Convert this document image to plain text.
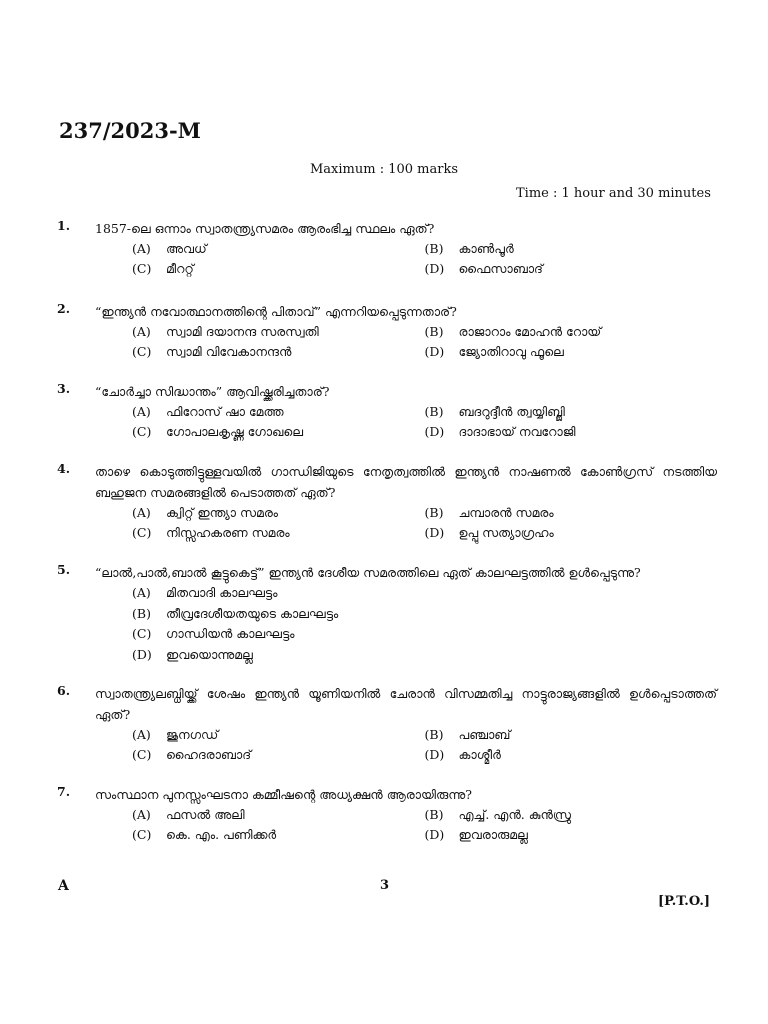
237/2023-M
Maximum : 100 marks
Time : 1 hour and 30 minutes
1. 1857-ലെ ഒന്നാം സ്വാതന്ത്ര്യസമരം ആരംഭിച്ച സ്ഥലം ഏത്?
(A)	അവധ്	(B)	കാൺപൂർ
(C)	മീററ്റ്	(D)	ഫൈസാബാദ്
2. “ഇന്ത്യൻ നവോത്ഥാനത്തിന്റെ പിതാവ്” എന്നറിയപ്പെടുന്നതാര്?
(A)	സ്വാമി ദയാനന്ദ സരസ്വതി	(B)	രാജാറാം മോഹൻ റോയ്
(C)	സ്വാമി വിവേകാനന്ദൻ	(D)	ജ്യോതിറാവു ഫൂലെ
3. “ചോർച്ചാ സിദ്ധാന്തം” ആവിഷ്ക്കരിച്ചതാര്?
(A)	ഫിറോസ് ഷാ മേത്ത	(B)	ബദറുദ്ദീൻ ത്വയ്യിബ്ജി
(C)	ഗോപാലകൃഷ്ണ ഗോഖലെ	(D)	ദാദാഭായ് നവറോജി
4. താഴെ കൊടുത്തിട്ടുള്ളവയിൽ ഗാന്ധിജിയുടെ നേതൃത്വത്തിൽ ഇന്ത്യൻ നാഷണൽ കോൺഗ്രസ് നടത്തിയ ബഹുജന സമരങ്ങളിൽ പെടാത്തത് ഏത്?
(A)	ക്വിറ്റ് ഇന്ത്യാ സമരം	(B)	ചമ്പാരൻ സമരം
(C)	നിസ്സഹകരണ സമരം	(D)	ഉപ്പു സത്യാഗ്രഹം
5. “ലാൽ,പാൽ,ബാൽ കൂട്ടുകെട്ട്” ഇന്ത്യൻ ദേശീയ സമരത്തിലെ ഏത് കാലഘട്ടത്തിൽ ഉൾപ്പെടുന്നു?
(A)	മിതവാദി കാലഘട്ടം
(B)	തീവ്രദേശീയതയുടെ കാലഘട്ടം
(C)	ഗാന്ധിയൻ കാലഘട്ടം
(D)	ഇവയൊന്നുമല്ല
6. സ്വാതന്ത്ര്യലബ്ധിയ്ക്ക് ശേഷം ഇന്ത്യൻ യൂണിയനിൽ ചേരാൻ വിസമ്മതിച്ച നാട്ടുരാജ്യങ്ങളിൽ ഉൾപ്പെടാത്തത് ഏത്?
(A)	ജുനഗഡ്	(B)	പഞ്ചാബ്
(C)	ഹൈദരാബാദ്	(D)	കാശ്മീർ
7. സംസ്ഥാന പുനസ്സംഘടനാ കമ്മീഷന്റെ അധ്യക്ഷൻ ആരായിരുന്നു?
(A)	ഫസൽ അലി	(B)	എച്ച്. എൻ. കുൻസ്രു
(C)	കെ. എം. പണിക്കർ	(D)	ഇവരാരുമല്ല
A	3
[P.T.O.]
